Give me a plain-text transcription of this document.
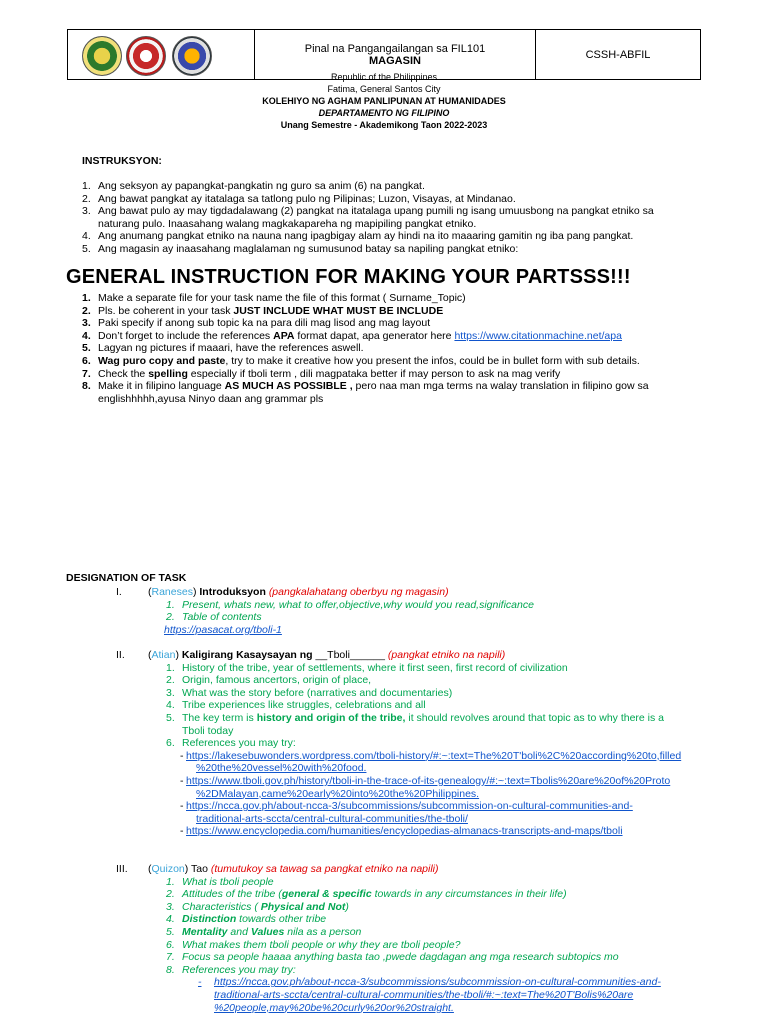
	Pinal na Pangangailangan sa FIL101
MAGASIN	CSSH-ABFIL
Republic of the Philippines
Fatima, General Santos City
KOLEHIYO NG AGHAM PANLIPUNAN AT HUMANIDADES
DEPARTAMENTO NG FILIPINO
Unang Semestre - Akademikong Taon 2022-2023
INSTRUKSYON:
1. Ang seksyon ay papangkat-pangkatin ng guro sa anim (6) na pangkat.
2. Ang bawat pangkat ay itatalaga sa tatlong pulo ng Pilipinas; Luzon, Visayas, at Mindanao.
3. Ang bawat pulo ay may tigdadalawang (2) pangkat na itatalaga upang pumili ng isang umuusbong na pangkat etniko sa
naturang pulo. Inaasahang walang magkakapareha ng mapipiling pangkat etniko.
4. Ang anumang pangkat etniko na nauna nang ipagbigay alam ay hindi na ito maaaring gamitin ng iba pang pangkat.
5. Ang magasin ay inaasahang maglalaman ng sumusunod batay sa napiling pangkat etniko:
GENERAL INSTRUCTION FOR MAKING YOUR PARTSSS!!!
1. Make a separate file for your task name the file of this format ( Surname_Topic)
2. Pls. be coherent in your task JUST INCLUDE WHAT MUST BE INCLUDE
3. Paki specify if anong sub topic ka na para dili mag lisod ang mag layout
4. Don’t forget to include the references APA format dapat, apa generator here https://www.citationmachine.net/apa
5. Lagyan ng pictures if maaari, have the references aswell.
6. Wag puro copy and paste, try to make it creative how you present the infos, could be in bullet form with sub details.
7. Check the spelling especially if tboli term , dili magpataka better if may person to ask na mag verify
8. Make it in filipino language AS MUCH AS POSSIBLE , pero naa man mga terms na walay translation in filipino gow sa
englishhhhh,ayusa Ninyo daan ang grammar pls
DESIGNATION OF TASK
I. (Raneses) Introduksyon (pangkalahatang oberbyu ng magasin)
1. Present, whats new, what to offer,objective,why would you read,significance
2. Table of contents
https://pasacat.org/tboli-1
II. (Atian) Kaligirang Kasaysayan ng __Tboli______ (pangkat etniko na napili)
1. History of the tribe, year of settlements, where it first seen, first record of civilization
2. Origin, famous ancertors, origin of place,
3. What was the story before (narratives and documentaries)
4. Tribe experiences like struggles, celebrations and all
5. The key term is history and origin of the tribe, it should revolves around that topic as to why there is a
Tboli today
6. References you may try:
- https://lakesebuwonders.wordpress.com/tboli-history/#:~:text=The%20T'boli%2C%20according%20to,filled
%20the%20vessel%20with%20food.
- https://www.tboli.gov.ph/history/tboli-in-the-trace-of-its-genealogy/#:~:text=Tbolis%20are%20of%20Proto
%2DMalayan,came%20early%20into%20the%20Philippines.
- https://ncca.gov.ph/about-ncca-3/subcommissions/subcommission-on-cultural-communities-and-
traditional-arts-sccta/central-cultural-communities/the-tboli/
- https://www.encyclopedia.com/humanities/encyclopedias-almanacs-transcripts-and-maps/tboli
III. (Quizon) Tao (tumutukoy sa tawag sa pangkat etniko na napili)
1. What is tboli people
2. Attitudes of the tribe (general & specific towards in any circumstances in their life)
3. Characteristics ( Physical and Not)
4. Distinction towards other tribe
5. Mentality and Values nila as a person
6. What makes them tboli people or why they are tboli people?
7. Focus sa people haaaa anything basta tao ,pwede dagdagan ang mga research subtopics mo
8. References you may try:
-	https://ncca.gov.ph/about-ncca-3/subcommissions/subcommission-on-cultural-communities-and-
traditional-arts-sccta/central-cultural-communities/the-tboli/#:~:text=The%20T'Bolis%20are
%20people,may%20be%20curly%20or%20straight.
